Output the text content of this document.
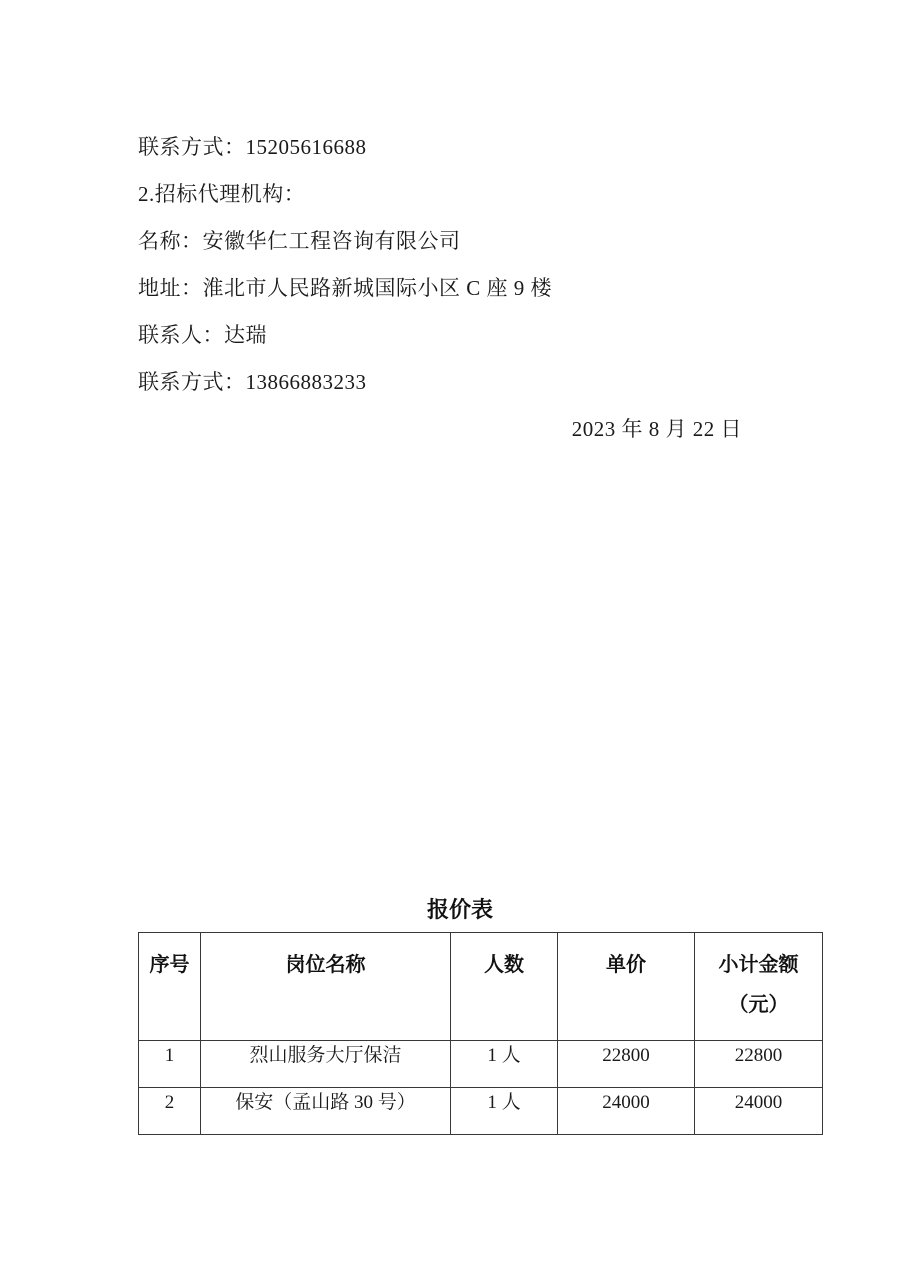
联系方式：15205616688

2.招标代理机构：

名称：安徽华仁工程咨询有限公司

地址：淮北市人民路新城国际小区 C 座 9 楼

联系人：达瑞

联系方式：13866883233

2023 年 8 月 22 日

报价表
序号	岗位名称	人数	单价	小计金额
（元）

1	烈山服务大厅保洁	1 人	22800	22800
2	保安（孟山路 30 号）	1 人	24000	24000
